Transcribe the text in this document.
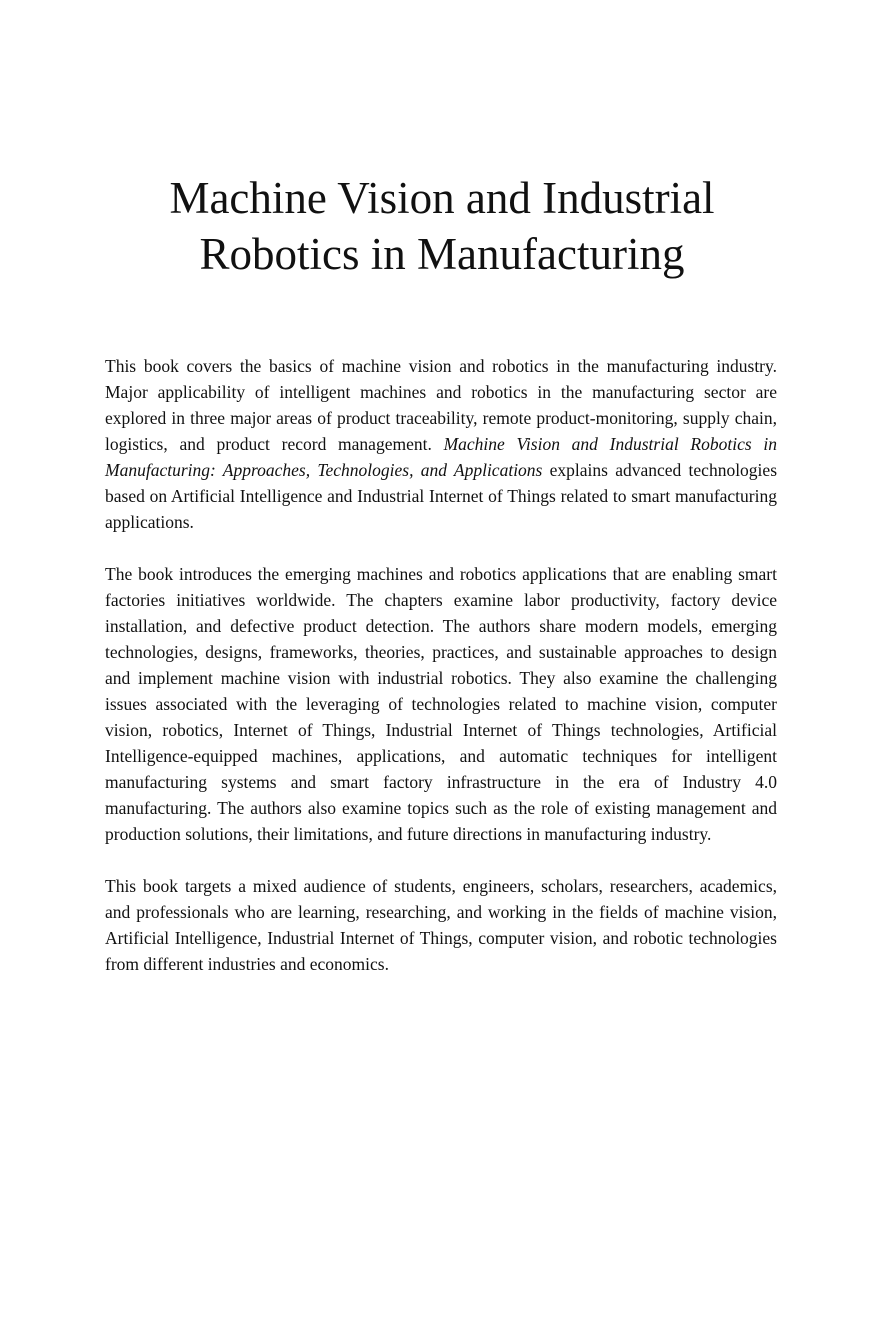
Machine Vision and Industrial
Robotics in Manufacturing

This book covers the basics of machine vision and robotics in the manufacturing industry. Major applicability of intelligent machines and robotics in the manufacturing sector are explored in three major areas of product traceability, remote product-monitoring, supply chain, logistics, and product record management. Machine Vision and Industrial Robotics in Manufacturing: Approaches, Technologies, and Applications explains advanced technologies based on Artificial Intelligence and Industrial Internet of Things related to smart manufacturing applications.

The book introduces the emerging machines and robotics applications that are enabling smart factories initiatives worldwide. The chapters examine labor productivity, factory device installation, and defective product detection. The authors share modern models, emerging technologies, designs, frameworks, theories, practices, and sustainable approaches to design and implement machine vision with industrial robotics. They also examine the challenging issues associated with the leveraging of technologies related to machine vision, computer vision, robotics, Internet of Things, Industrial Internet of Things technologies, Artificial Intelligence-equipped machines, applications, and automatic techniques for intelligent manufacturing systems and smart factory infrastructure in the era of Industry 4.0 manufacturing. The authors also examine topics such as the role of existing management and production solutions, their limitations, and future directions in manufacturing industry.

This book targets a mixed audience of students, engineers, scholars, researchers, academics, and professionals who are learning, researching, and working in the fields of machine vision, Artificial Intelligence, Industrial Internet of Things, computer vision, and robotic technologies from different industries and economics.
